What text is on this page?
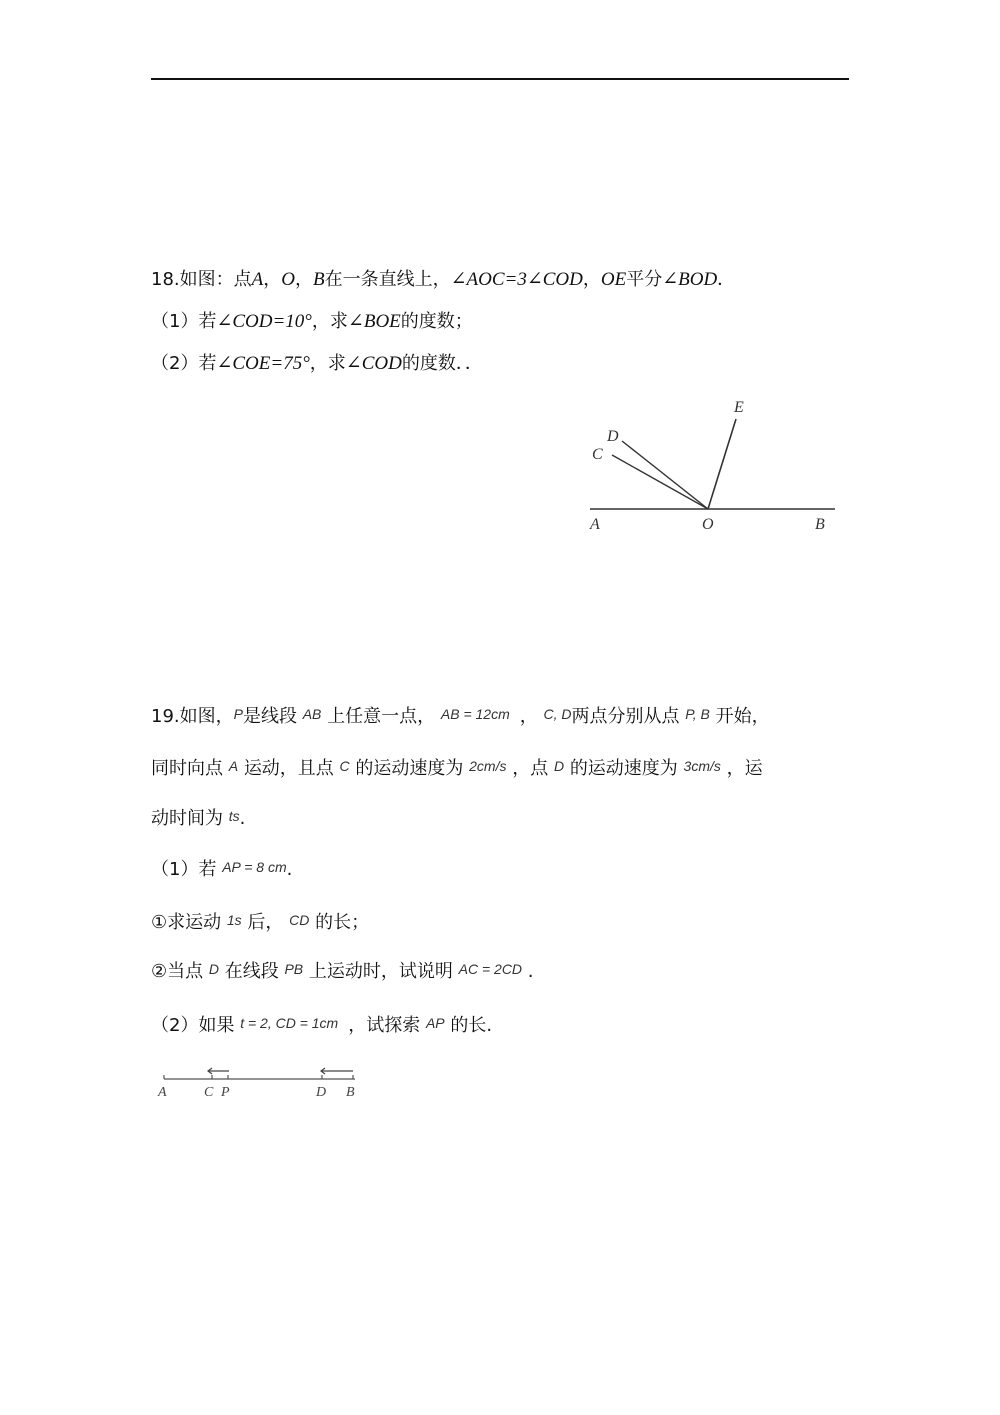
18.如图：点A，O，B在一条直线上，∠AOC=3∠COD，OE平分∠BOD．
（1）若∠COD=10°，求∠BOE的度数；
（2）若∠COE=75°，求∠COD的度数．．
A	O	B
C
D
E
19.如图，P是线段 AB 上任意一点， AB = 12cm ， C, D两点分别从点 P, B 开始，
同时向点 A 运动，且点 C 的运动速度为 2cm/s ，点 D 的运动速度为 3cm/s ，运
动时间为 ts.
（1）若 AP = 8 cm.
①求运动 1s 后， CD 的长；
②当点 D 在线段 PB 上运动时，试说明 AC = 2CD .
（2）如果 t = 2, CD = 1cm ，试探索 AP 的长.
A	C P	D B
